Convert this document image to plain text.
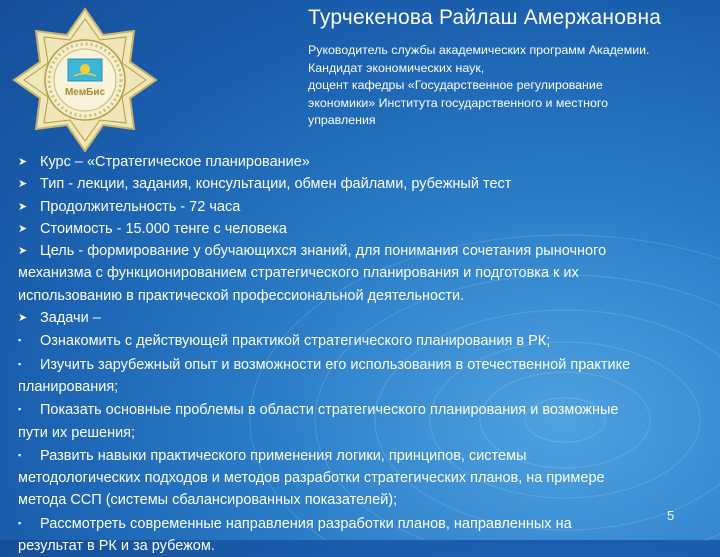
МемБис
Турчекенова Райлаш Амержановна
Руководитель службы академических программ Академии.
Кандидат экономических наук,
доцент кафедры «Государственное регулирование
экономики» Института государственного и местного
управления
➤ Курс – «Стратегическое планирование»
➤ Тип - лекции, задания, консультации, обмен файлами, рубежный тест
➤ Продолжительность - 72 часа
➤ Стоимость - 15.000 тенге с человека
➤ Цель - формирование у обучающихся знаний, для понимания сочетания рыночного
механизма с функционированием стратегического планирования и подготовка к их
использованию в практической профессиональной деятельности.
➤ Задачи –
▪ Ознакомить с действующей практикой стратегического планирования в РК;
▪ Изучить зарубежный опыт и возможности его использования в отечественной практике
планирования;
▪ Показать основные проблемы в области стратегического планирования и возможные
пути их решения;
▪ Развить навыки практического применения логики, принципов, системы
методологических подходов и методов разработки стратегических планов, на примере
метода ССП (системы сбалансированных показателей);
▪ Рассмотреть современные направления разработки планов, направленных на
результат в РК и за рубежом.
5
